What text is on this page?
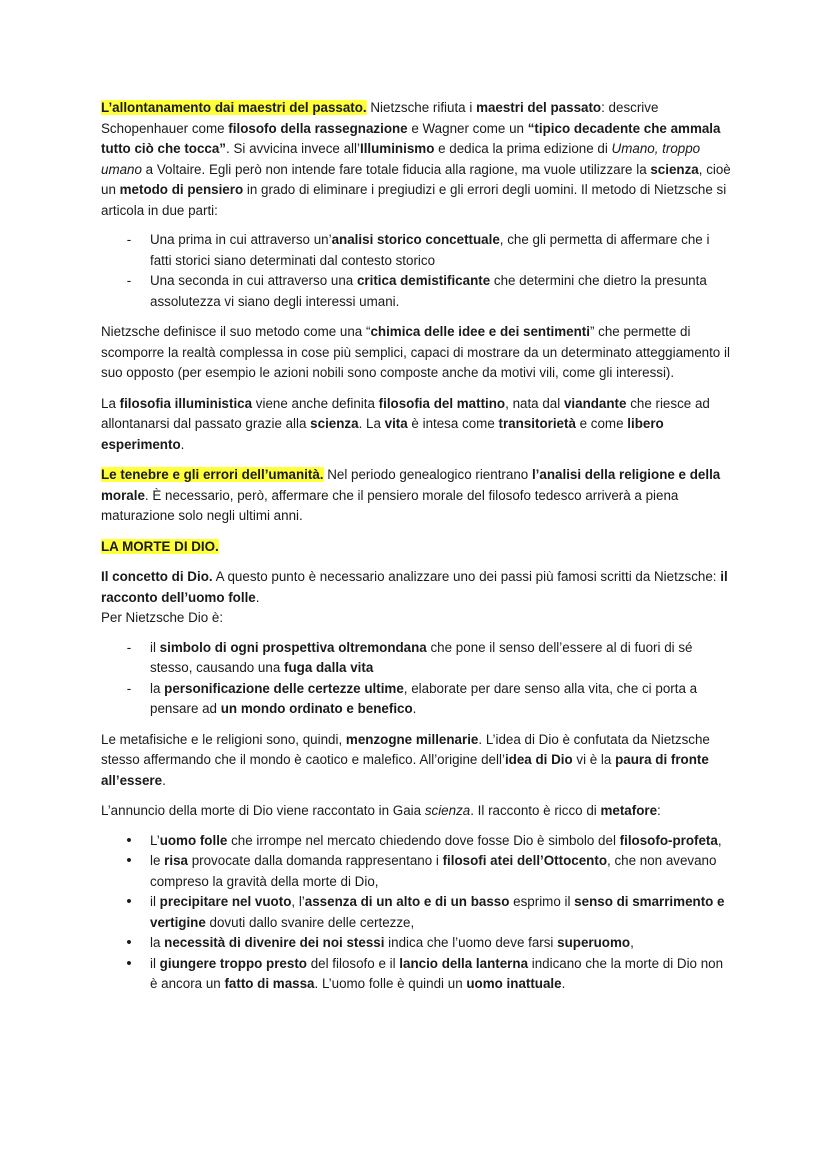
L’allontanamento dai maestri del passato. Nietzsche rifiuta i maestri del passato: descrive Schopenhauer come filosofo della rassegnazione e Wagner come un “tipico decadente che ammala tutto ciò che tocca”. Si avvicina invece all’Illuminismo e dedica la prima edizione di Umano, troppo umano a Voltaire. Egli però non intende fare totale fiducia alla ragione, ma vuole utilizzare la scienza, cioè un metodo di pensiero in grado di eliminare i pregiudizi e gli errori degli uomini. Il metodo di Nietzsche si articola in due parti:

- Una prima in cui attraverso un’analisi storico concettuale, che gli permetta di affermare che i fatti storici siano determinati dal contesto storico
- Una seconda in cui attraverso una critica demistificante che determini che dietro la presunta assolutezza vi siano degli interessi umani.

Nietzsche definisce il suo metodo come una “chimica delle idee e dei sentimenti” che permette di scomporre la realtà complessa in cose più semplici, capaci di mostrare da un determinato atteggiamento il suo opposto (per esempio le azioni nobili sono composte anche da motivi vili, come gli interessi).

La filosofia illuministica viene anche definita filosofia del mattino, nata dal viandante che riesce ad allontanarsi dal passato grazie alla scienza. La vita è intesa come transitorietà e come libero esperimento.

Le tenebre e gli errori dell’umanità. Nel periodo genealogico rientrano l’analisi della religione e della morale. È necessario, però, affermare che il pensiero morale del filosofo tedesco arriverà a piena maturazione solo negli ultimi anni.

LA MORTE DI DIO.

Il concetto di Dio. A questo punto è necessario analizzare uno dei passi più famosi scritti da Nietzsche: il racconto dell’uomo folle.
Per Nietzsche Dio è:

- il simbolo di ogni prospettiva oltremondana che pone il senso dell’essere al di fuori di sé stesso, causando una fuga dalla vita
- la personificazione delle certezze ultime, elaborate per dare senso alla vita, che ci porta a pensare ad un mondo ordinato e benefico.

Le metafisiche e le religioni sono, quindi, menzogne millenarie. L’idea di Dio è confutata da Nietzsche stesso affermando che il mondo è caotico e malefico. All’origine dell’idea di Dio vi è la paura di fronte all’essere.

L’annuncio della morte di Dio viene raccontato in Gaia scienza. Il racconto è ricco di metafore:

• L’uomo folle che irrompe nel mercato chiedendo dove fosse Dio è simbolo del filosofo-profeta,
• le risa provocate dalla domanda rappresentano i filosofi atei dell’Ottocento, che non avevano compreso la gravità della morte di Dio,
• il precipitare nel vuoto, l’assenza di un alto e di un basso esprimo il senso di smarrimento e vertigine dovuti dallo svanire delle certezze,
• la necessità di divenire dei noi stessi indica che l’uomo deve farsi superuomo,
• il giungere troppo presto del filosofo e il lancio della lanterna indicano che la morte di Dio non è ancora un fatto di massa. L’uomo folle è quindi un uomo inattuale.
